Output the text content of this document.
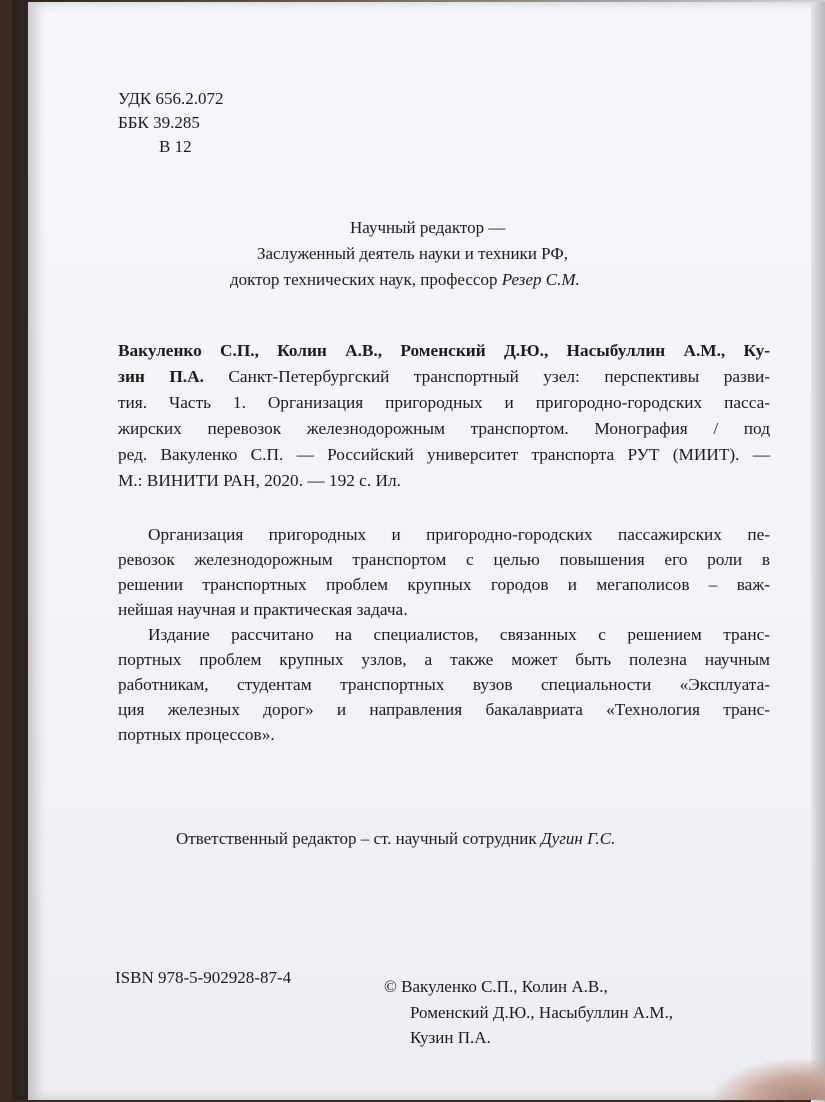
УДК 656.2.072
ББК 39.285
В 12
Научный редактор —
Заслуженный деятель науки и техники РФ,
доктор технических наук, профессор Резер С.М.
Вакуленко С.П., Колин А.В., Роменский Д.Ю., Насыбуллин А.М., Ку-
зин П.А. Санкт-Петербургский транспортный узел: перспективы разви-
тия. Часть 1. Организация пригородных и пригородно-городских пасса-
жирских перевозок железнодорожным транспортом. Монография / под
ред. Вакуленко С.П. — Российский университет транспорта РУТ (МИИТ). —
М.: ВИНИТИ РАН, 2020. — 192 с. Ил.
Организация пригородных и пригородно-городских пассажирских пе-
ревозок железнодорожным транспортом с целью повышения его роли в
решении транспортных проблем крупных городов и мегаполисов – важ-
нейшая научная и практическая задача.
Издание рассчитано на специалистов, связанных с решением транс-
портных проблем крупных узлов, а также может быть полезна научным
работникам, студентам транспортных вузов специальности «Эксплуата-
ция железных дорог» и направления бакалавриата «Технология транс-
портных процессов».
Ответственный редактор – ст. научный сотрудник Дугин Г.С.
ISBN 978-5-902928-87-4	© Вакуленко С.П., Колин А.В.,
Роменский Д.Ю., Насыбуллин А.М.,
Кузин П.А.
